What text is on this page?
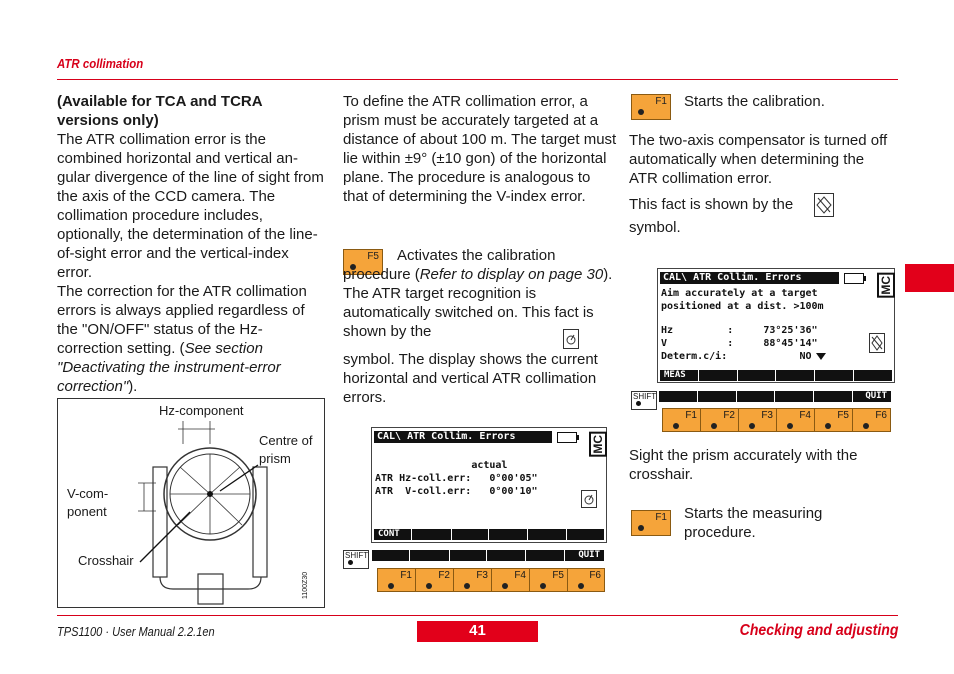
ATR collimation

(Available for TCA and TCRA versions only)

The ATR collimation error is the combined horizontal and vertical an-gular divergence of the line of sight from the axis of the CCD camera. The collimation procedure includes, optionally, the determination of the line-of-sight error and the vertical-index error.

The correction for the ATR collimation errors is always applied regardless of the "ON/OFF" status of the Hz-correction setting. (See section "Deactivating the instrument-error correction").

Hz-component
Centre of prism
V-com- ponent
Crosshair
1100Z30
To define the ATR collimation error, a prism must be accurately targeted at a distance of about 100 m. The target must lie within ±9° (±10 gon) of the horizontal plane. The procedure is analogous to that of determining the V-index error.
F5	Activates the calibration procedure (Refer to display on page 30). The ATR target recognition is automatically switched on. This fact is shown by the
symbol. The display shows the current horizontal and vertical ATR collimation errors.
CAL\ ATR Collim. Errors	MC
actual
ATR Hz-coll.err:   0°00'05"
ATR  V-coll.err:   0°00'10"
CONT
SHIFT	QUIT
F1	F2	F3	F4	F5	F6
F1 Starts the calibration.
The two-axis compensator is turned off automatically when determining the ATR collimation error.
This fact is shown by the
symbol.
CAL\ ATR Collim. Errors	MC
Aim accurately at a target
positioned at a dist. >100m
Hz         :     73°25'36"
V          :     88°45'14"
Determ.c/i:            NO
MEAS
SHIFT	QUIT
F1	F2	F3	F4	F5	F6
Sight the prism accurately with the crosshair.
F1 Starts the measuring procedure.
TPS1100 · User Manual 2.2.1en	41	Checking and adjusting
